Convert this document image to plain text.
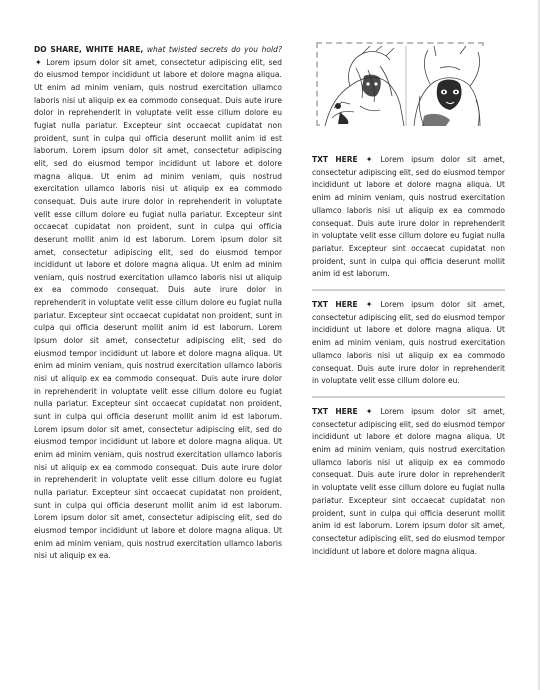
DO SHARE, WHITE HARE, what twisted secrets do you hold? ✦ Lorem ipsum dolor sit amet, consectetur adipiscing elit, sed do eiusmod tempor incididunt ut labore et dolore magna aliqua. Ut enim ad minim veniam, quis nostrud exercitation ullamco laboris nisi ut aliquip ex ea commodo consequat. Duis aute irure dolor in reprehenderit in voluptate velit esse cillum dolore eu fugiat nulla pariatur. Excepteur sint occaecat cupidatat non proident, sunt in culpa qui officia deserunt mollit anim id est laborum. Lorem ipsum dolor sit amet, consectetur adipiscing elit, sed do eiusmod tempor incididunt ut labore et dolore magna aliqua. Ut enim ad minim veniam, quis nostrud exercitation ullamco laboris nisi ut aliquip ex ea commodo consequat. Duis aute irure dolor in reprehenderit in voluptate velit esse cillum dolore eu fugiat nulla pariatur. Excepteur sint occaecat cupidatat non proident, sunt in culpa qui officia deserunt mollit anim id est laborum. Lorem ipsum dolor sit amet, consectetur adipiscing elit, sed do eiusmod tempor incididunt ut labore et dolore magna aliqua. Ut enim ad minim veniam, quis nostrud exercitation ullamco laboris nisi ut aliquip ex ea commodo consequat. Duis aute irure dolor in reprehenderit in voluptate velit esse cillum dolore eu fugiat nulla pariatur. Excepteur sint occaecat cupidatat non proident, sunt in culpa qui officia deserunt mollit anim id est laborum. Lorem ipsum dolor sit amet, consectetur adipiscing elit, sed do eiusmod tempor incididunt ut labore et dolore magna aliqua. Ut enim ad minim veniam, quis nostrud exercitation ullamco laboris nisi ut aliquip ex ea commodo consequat. Duis aute irure dolor in reprehenderit in voluptate velit esse cillum dolore eu fugiat nulla pariatur. Excepteur sint occaecat cupidatat non proident, sunt in culpa qui officia deserunt mollit anim id est laborum. Lorem ipsum dolor sit amet, consectetur adipiscing elit, sed do eiusmod tempor incididunt ut labore et dolore magna aliqua. Ut enim ad minim veniam, quis nostrud exercitation ullamco laboris nisi ut aliquip ex ea commodo consequat. Duis aute irure dolor in reprehenderit in voluptate velit esse cillum dolore eu fugiat nulla pariatur. Excepteur sint occaecat cupidatat non proident, sunt in culpa qui officia deserunt mollit anim id est laborum. Lorem ipsum dolor sit amet, consectetur adipiscing elit, sed do eiusmod tempor incididunt ut labore et dolore magna aliqua. Ut enim ad minim veniam, quis nostrud exercitation ullamco laboris nisi ut aliquip ex ea.
TXT HERE ✦ Lorem ipsum dolor sit amet, consectetur adipiscing elit, sed do eiusmod tempor incididunt ut labore et dolore magna aliqua. Ut enim ad minim veniam, quis nostrud exercitation ullamco laboris nisi ut aliquip ex ea commodo consequat. Duis aute irure dolor in reprehenderit in voluptate velit esse cillum dolore eu fugiat nulla pariatur. Excepteur sint occaecat cupidatat non proident, sunt in culpa qui officia deserunt mollit anim id est laborum.
TXT HERE ✦ Lorem ipsum dolor sit amet, consectetur adipiscing elit, sed do eiusmod tempor incididunt ut labore et dolore magna aliqua. Ut enim ad minim veniam, quis nostrud exercitation ullamco laboris nisi ut aliquip ex ea commodo consequat. Duis aute irure dolor in reprehenderit in voluptate velit esse cillum dolore eu.
TXT HERE ✦ Lorem ipsum dolor sit amet, consectetur adipiscing elit, sed do eiusmod tempor incididunt ut labore et dolore magna aliqua. Ut enim ad minim veniam, quis nostrud exercitation ullamco laboris nisi ut aliquip ex ea commodo consequat. Duis aute irure dolor in reprehenderit in voluptate velit esse cillum dolore eu fugiat nulla pariatur. Excepteur sint occaecat cupidatat non proident, sunt in culpa qui officia deserunt mollit anim id est laborum. Lorem ipsum dolor sit amet, consectetur adipiscing elit, sed do eiusmod tempor incididunt ut labore et dolore magna aliqua.
